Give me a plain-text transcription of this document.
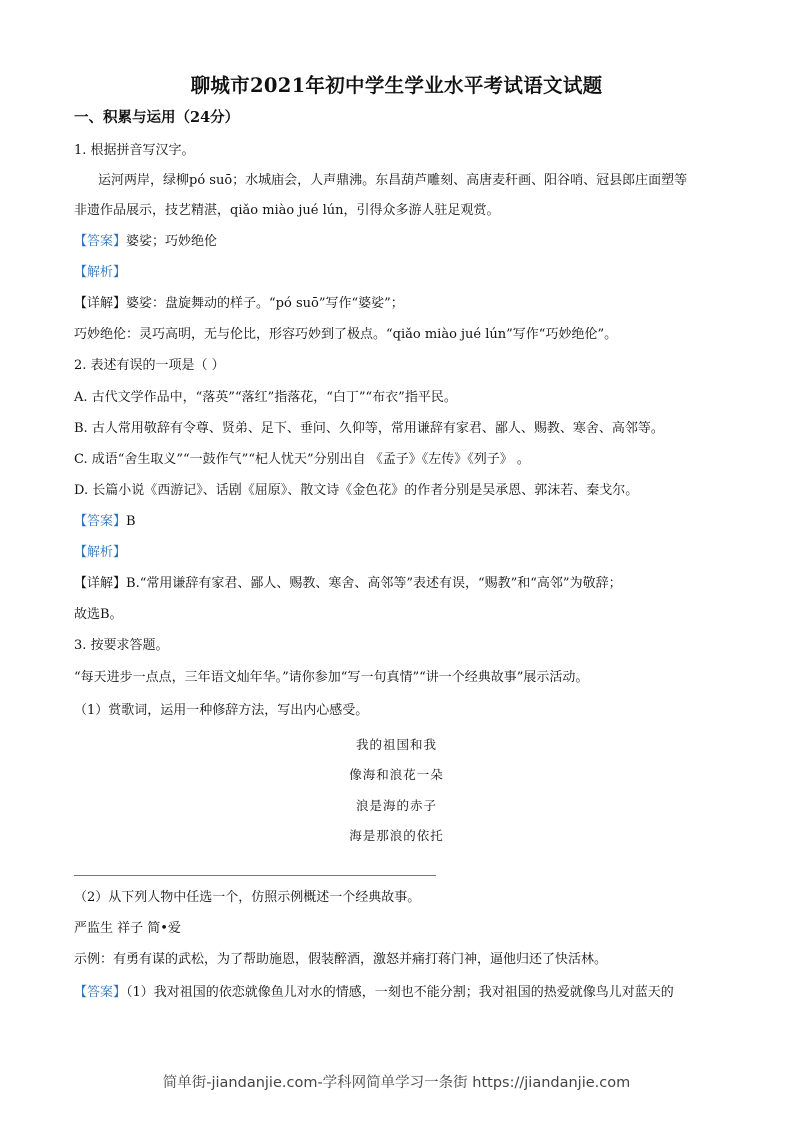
聊城市2021年初中学生学业水平考试语文试题
一、积累与运用（24分）
1. 根据拼音写汉字。
运河两岸，绿柳pó suō；水城庙会，人声鼎沸。东昌葫芦雕刻、高唐麦秆画、阳谷哨、冠县郎庄面塑等
非遗作品展示，技艺精湛，qiǎo miào jué lún，引得众多游人驻足观赏。
【答案】婆娑；巧妙绝伦
【解析】
【详解】婆娑：盘旋舞动的样子。“pó suō”写作“婆娑”；
巧妙绝伦：灵巧高明，无与伦比，形容巧妙到了极点。“qiǎo miào jué lún”写作“巧妙绝伦”。
2. 表述有误的一项是（ ）
A. 古代文学作品中，“落英”“落红”指落花，“白丁”“布衣”指平民。
B. 古人常用敬辞有令尊、贤弟、足下、垂问、久仰等，常用谦辞有家君、鄙人、赐教、寒舍、高邻等。
C. 成语“舍生取义”“一鼓作气”“杞人忧天”分别出自 《孟子》《左传》《列子》 。
D. 长篇小说《西游记》、话剧《屈原》、散文诗《金色花》的作者分别是吴承恩、郭沫若、秦戈尔。
【答案】B
【解析】
【详解】B.“常用谦辞有家君、鄙人、赐教、寒舍、高邻等”表述有误，“赐教”和“高邻”为敬辞；
故选B。
3. 按要求答题。
“每天进步一点点，三年语文灿年华。”请你参加“写一句真情”“讲一个经典故事”展示活动。
（1）赏歌词，运用一种修辞方法，写出内心感受。
我的祖国和我
像海和浪花一朵
浪是海的赤子
海是那浪的依托
（2）从下列人物中任选一个，仿照示例概述一个经典故事。
严监生 祥子 简•爱
示例：有勇有谋的武松，为了帮助施恩，假装醉酒，激怒并痛打蒋门神，逼他归还了快活林。
【答案】（1）我对祖国的依恋就像鱼儿对水的情感，一刻也不能分割；我对祖国的热爱就像鸟儿对蓝天的
简单街-jiandanjie.com-学科网简单学习一条街 https://jiandanjie.com
